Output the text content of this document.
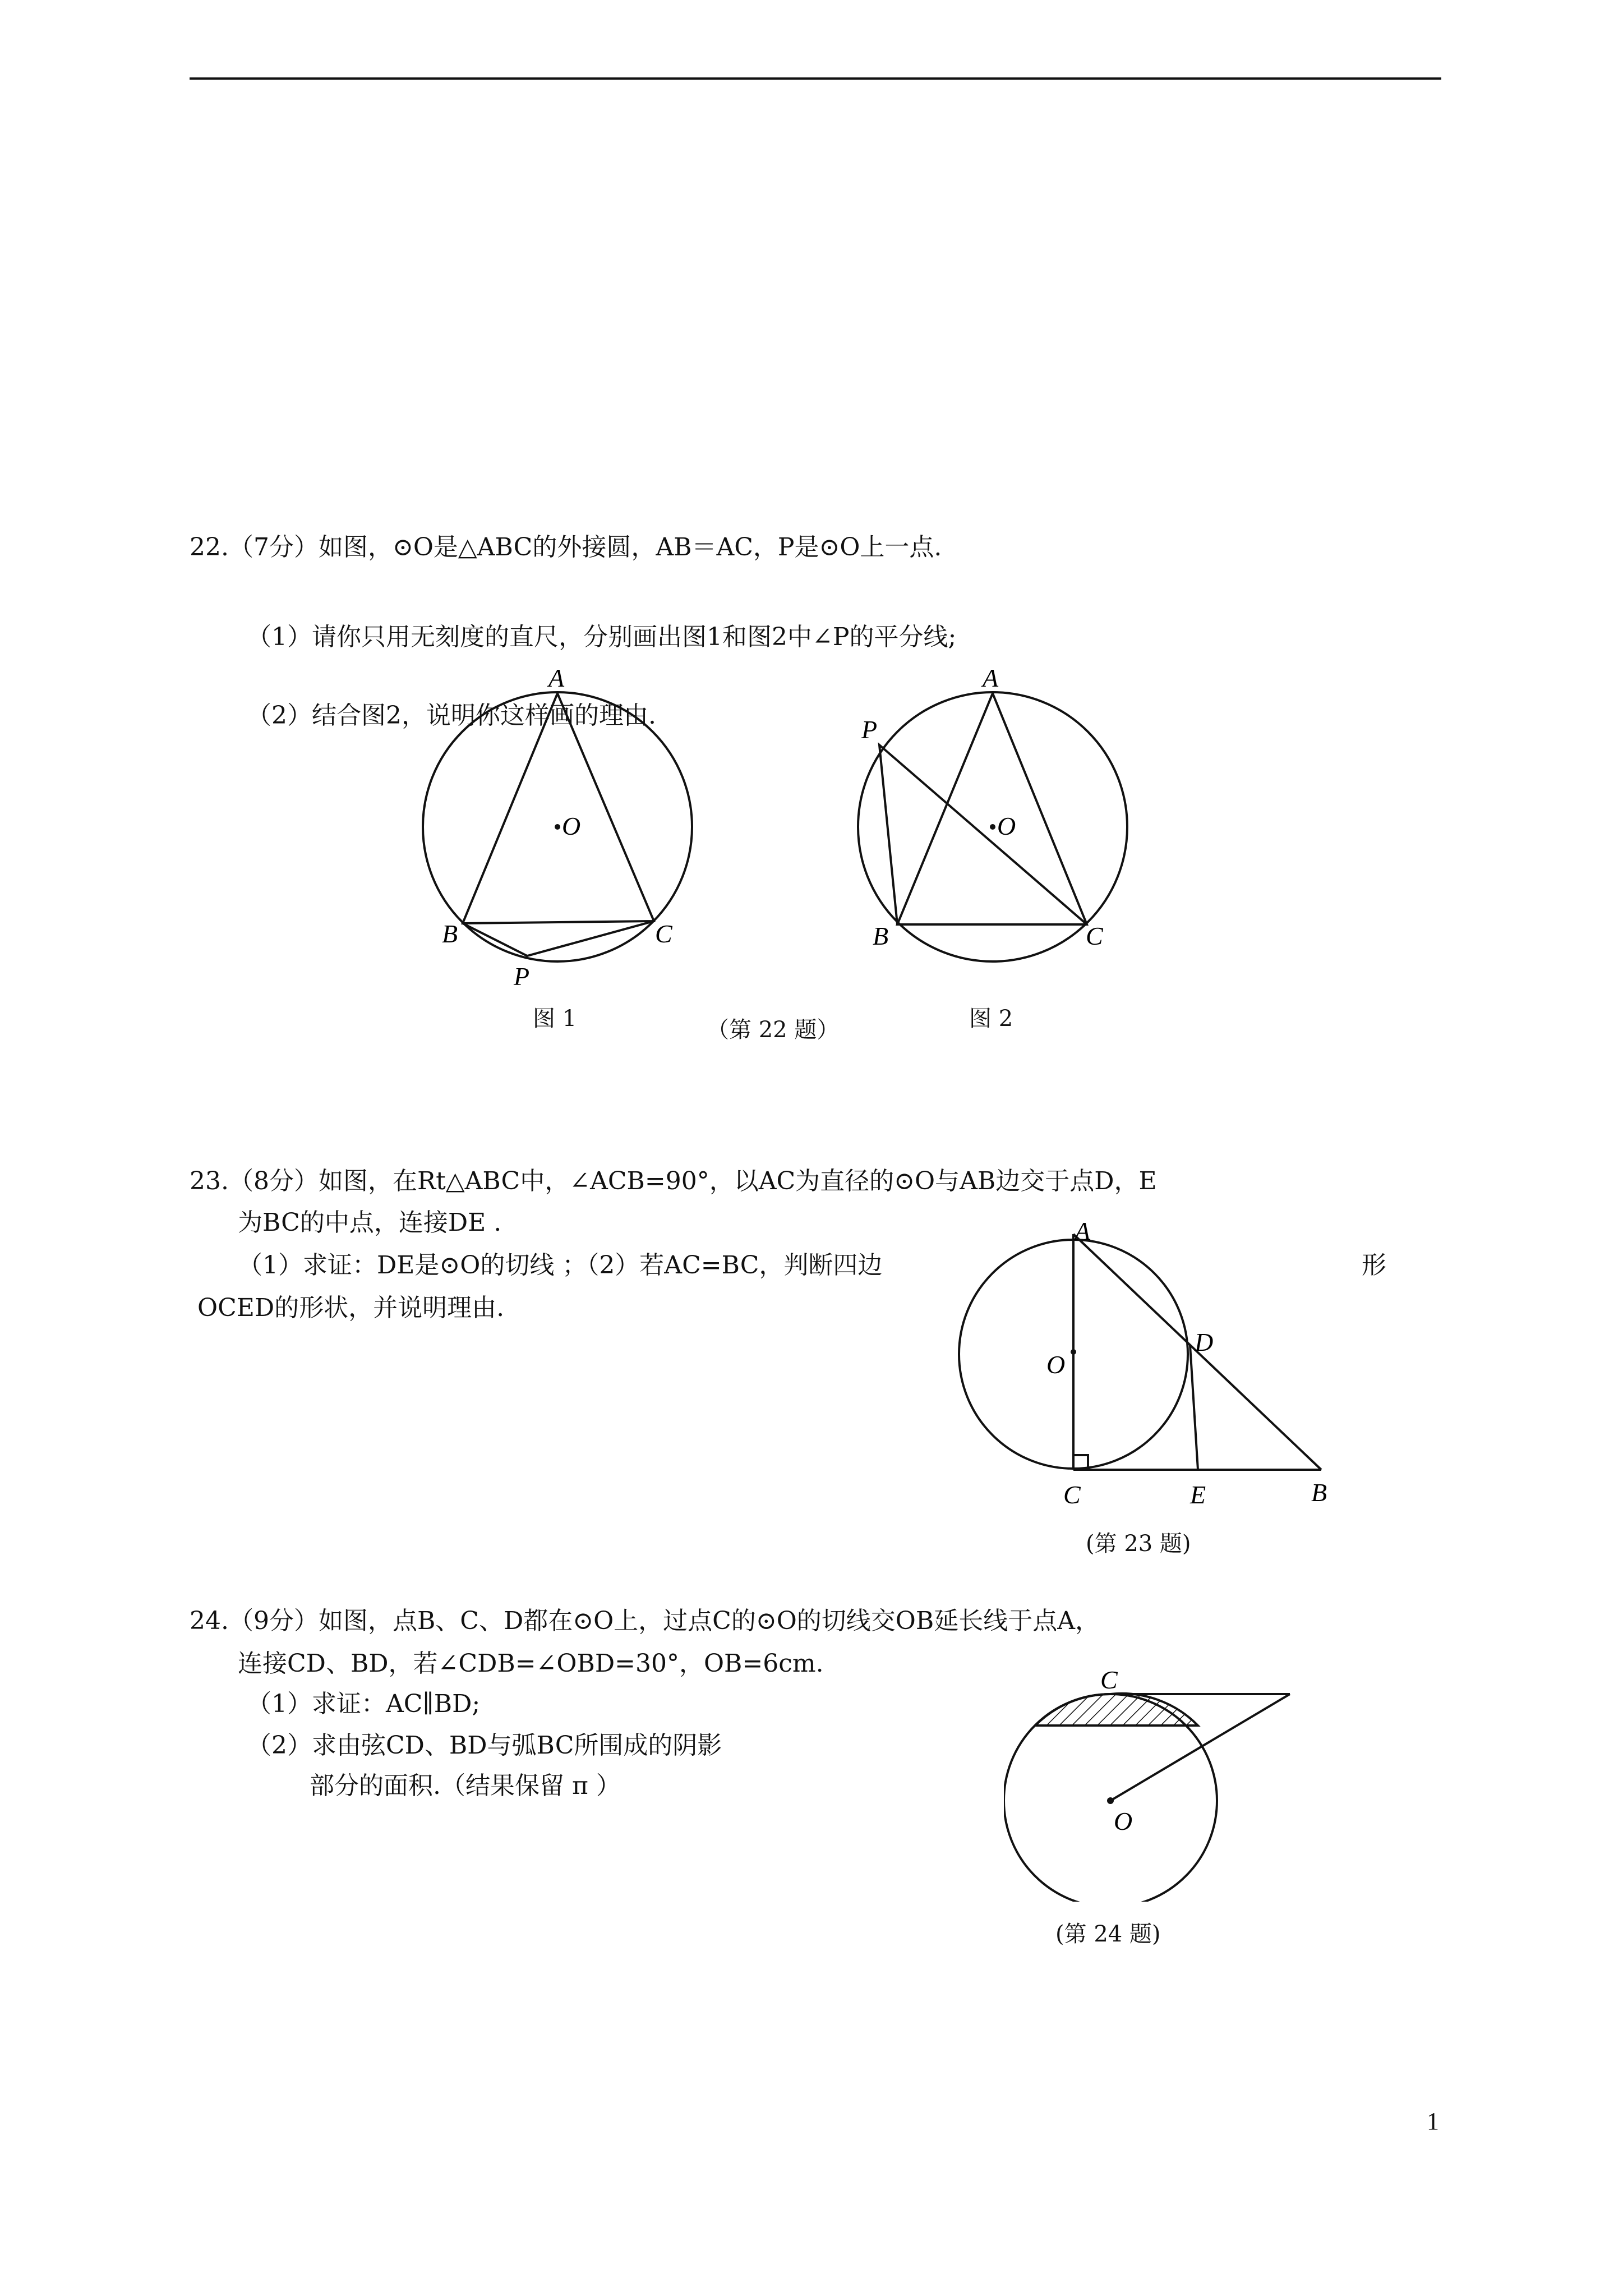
22.（7分）如图，⊙O是△ABC的外接圆，AB＝AC，P是⊙O上一点.
（1）请你只用无刻度的直尺，分别画出图1和图2中∠P的平分线;
（2）结合图2，说明你这样画的理由.
A
O
B	C
P
A
P
O
B	C
图 1	（第 22 题）	图 2
23.（8分）如图，在Rt△ABC中，∠ACB=90°，以AC为直径的⊙O与AB边交于点D，E
为BC的中点，连接DE .
（1）求证：DE是⊙O的切线 ；（2）若AC=BC，判断四边	形
OCED的形状，并说明理由.
A
O
D
C	E	B
(第 23 题)
24.（9分）如图，点B、C、D都在⊙O上，过点C的⊙O的切线交OB延长线于点A，
连接CD、BD，若∠CDB=∠OBD=30°，OB=6cm.
（1）求证：AC∥BD;
（2）求由弦CD、BD与弧BC所围成的阴影
部分的面积.（结果保留 π ）
C
O
(第 24 题)
1
